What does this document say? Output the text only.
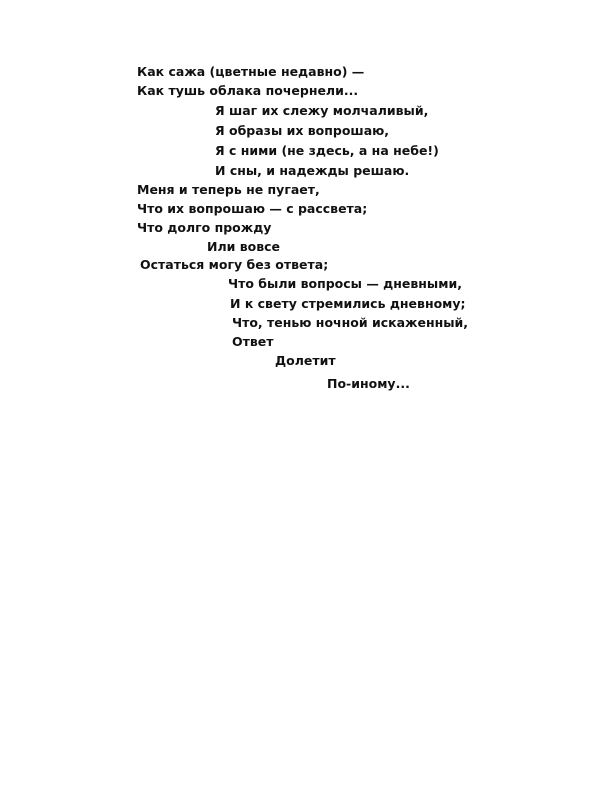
Как сажа (цветные недавно) —
Как тушь облака почернели...
Я шаг их слежу молчаливый,
Я образы их вопрошаю,
Я с ними (не здесь, а на небе!)
И сны, и надежды решаю.
Меня и теперь не пугает,
Что их вопрошаю — с рассвета;
Что долго прожду
Или вовсе
Остаться могу без ответа;
Что были вопросы — дневными,
И к свету стремились дневному;
Что, тенью ночной искаженный,
Ответ
Долетит
По-иному...
